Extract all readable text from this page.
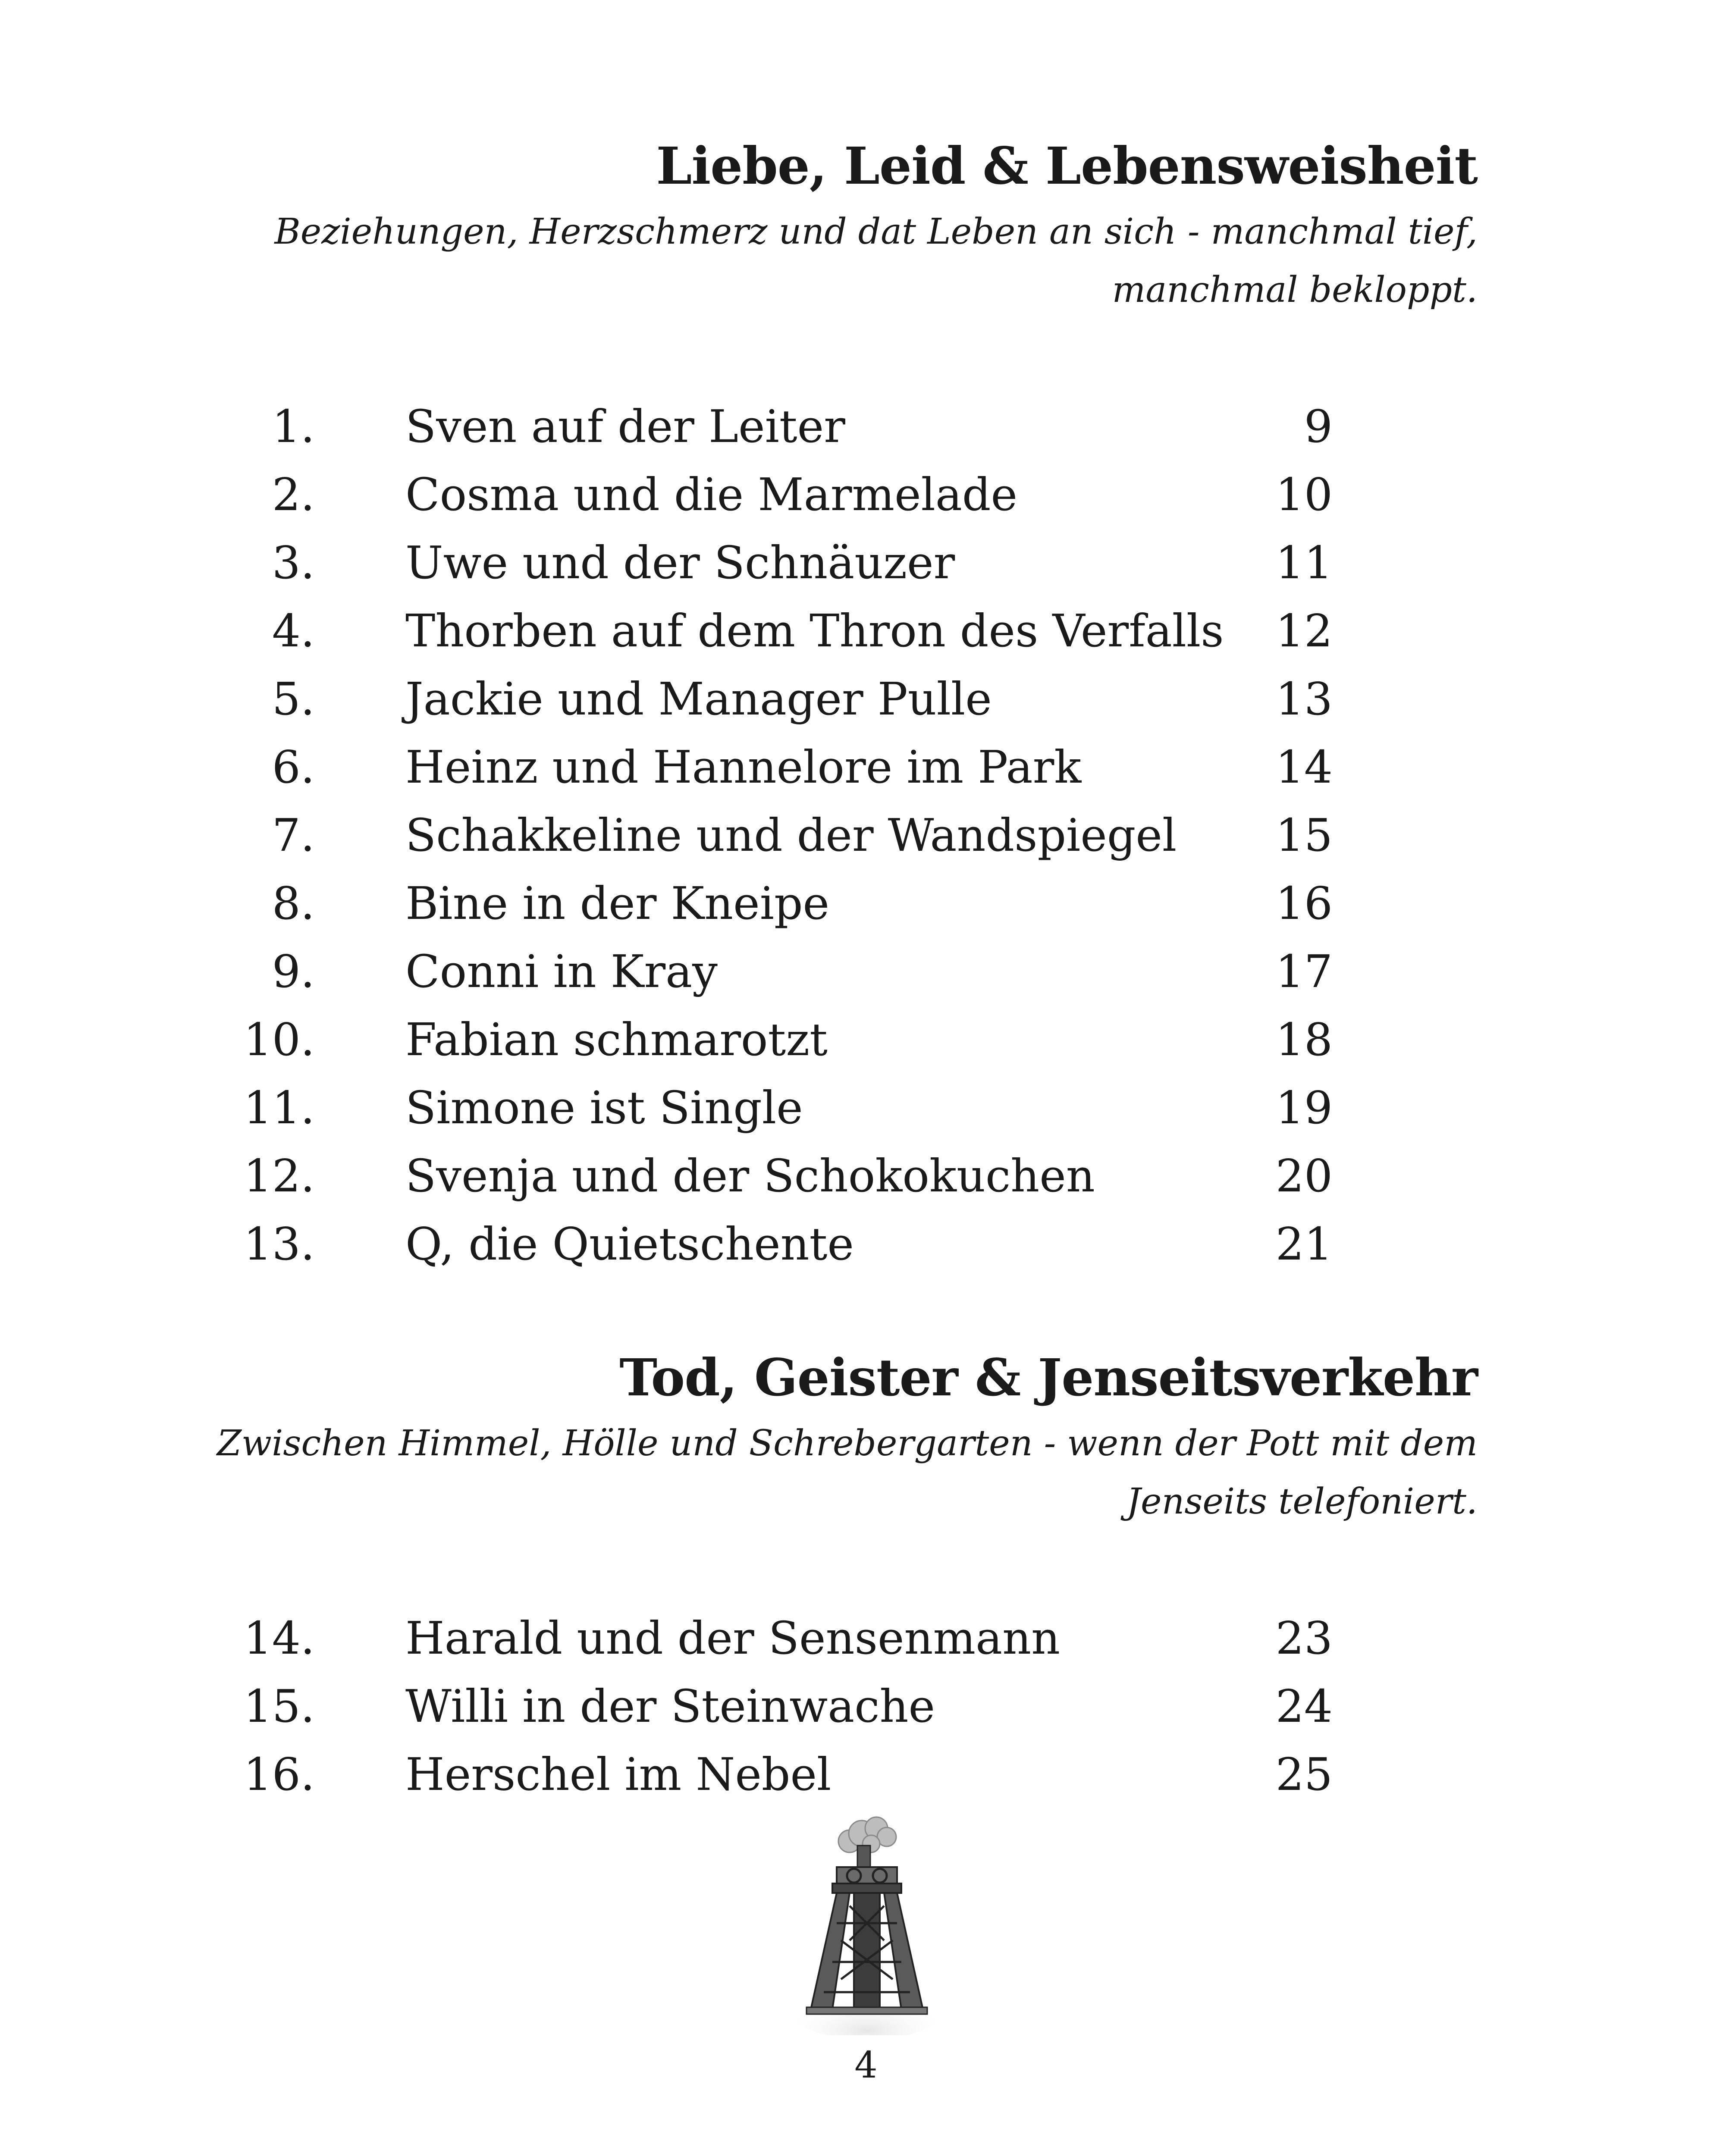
Liebe, Leid & Lebensweisheit

Beziehungen, Herzschmerz und dat Leben an sich - manchmal tief,
manchmal bekloppt.

1. Sven auf der Leiter	9
2. Cosma und die Marmelade	10
3. Uwe und der Schnäuzer	11
4. Thorben auf dem Thron des Verfalls 12
5. Jackie und Manager Pulle	13
6. Heinz und Hannelore im Park	14
7. Schakkeline und der Wandspiegel 15
8. Bine in der Kneipe	16
9. Conni in Kray	17
10. Fabian schmarotzt	18
11. Simone ist Single	19
12. Svenja und der Schokokuchen	20
13. Q, die Quietschente	21
Tod, Geister & Jenseitsverkehr

Zwischen Himmel, Hölle und Schrebergarten - wenn der Pott mit dem
Jenseits telefoniert.

14. Harald und der Sensenmann	23
15. Willi in der Steinwache	24
16. Herschel im Nebel	25
4
